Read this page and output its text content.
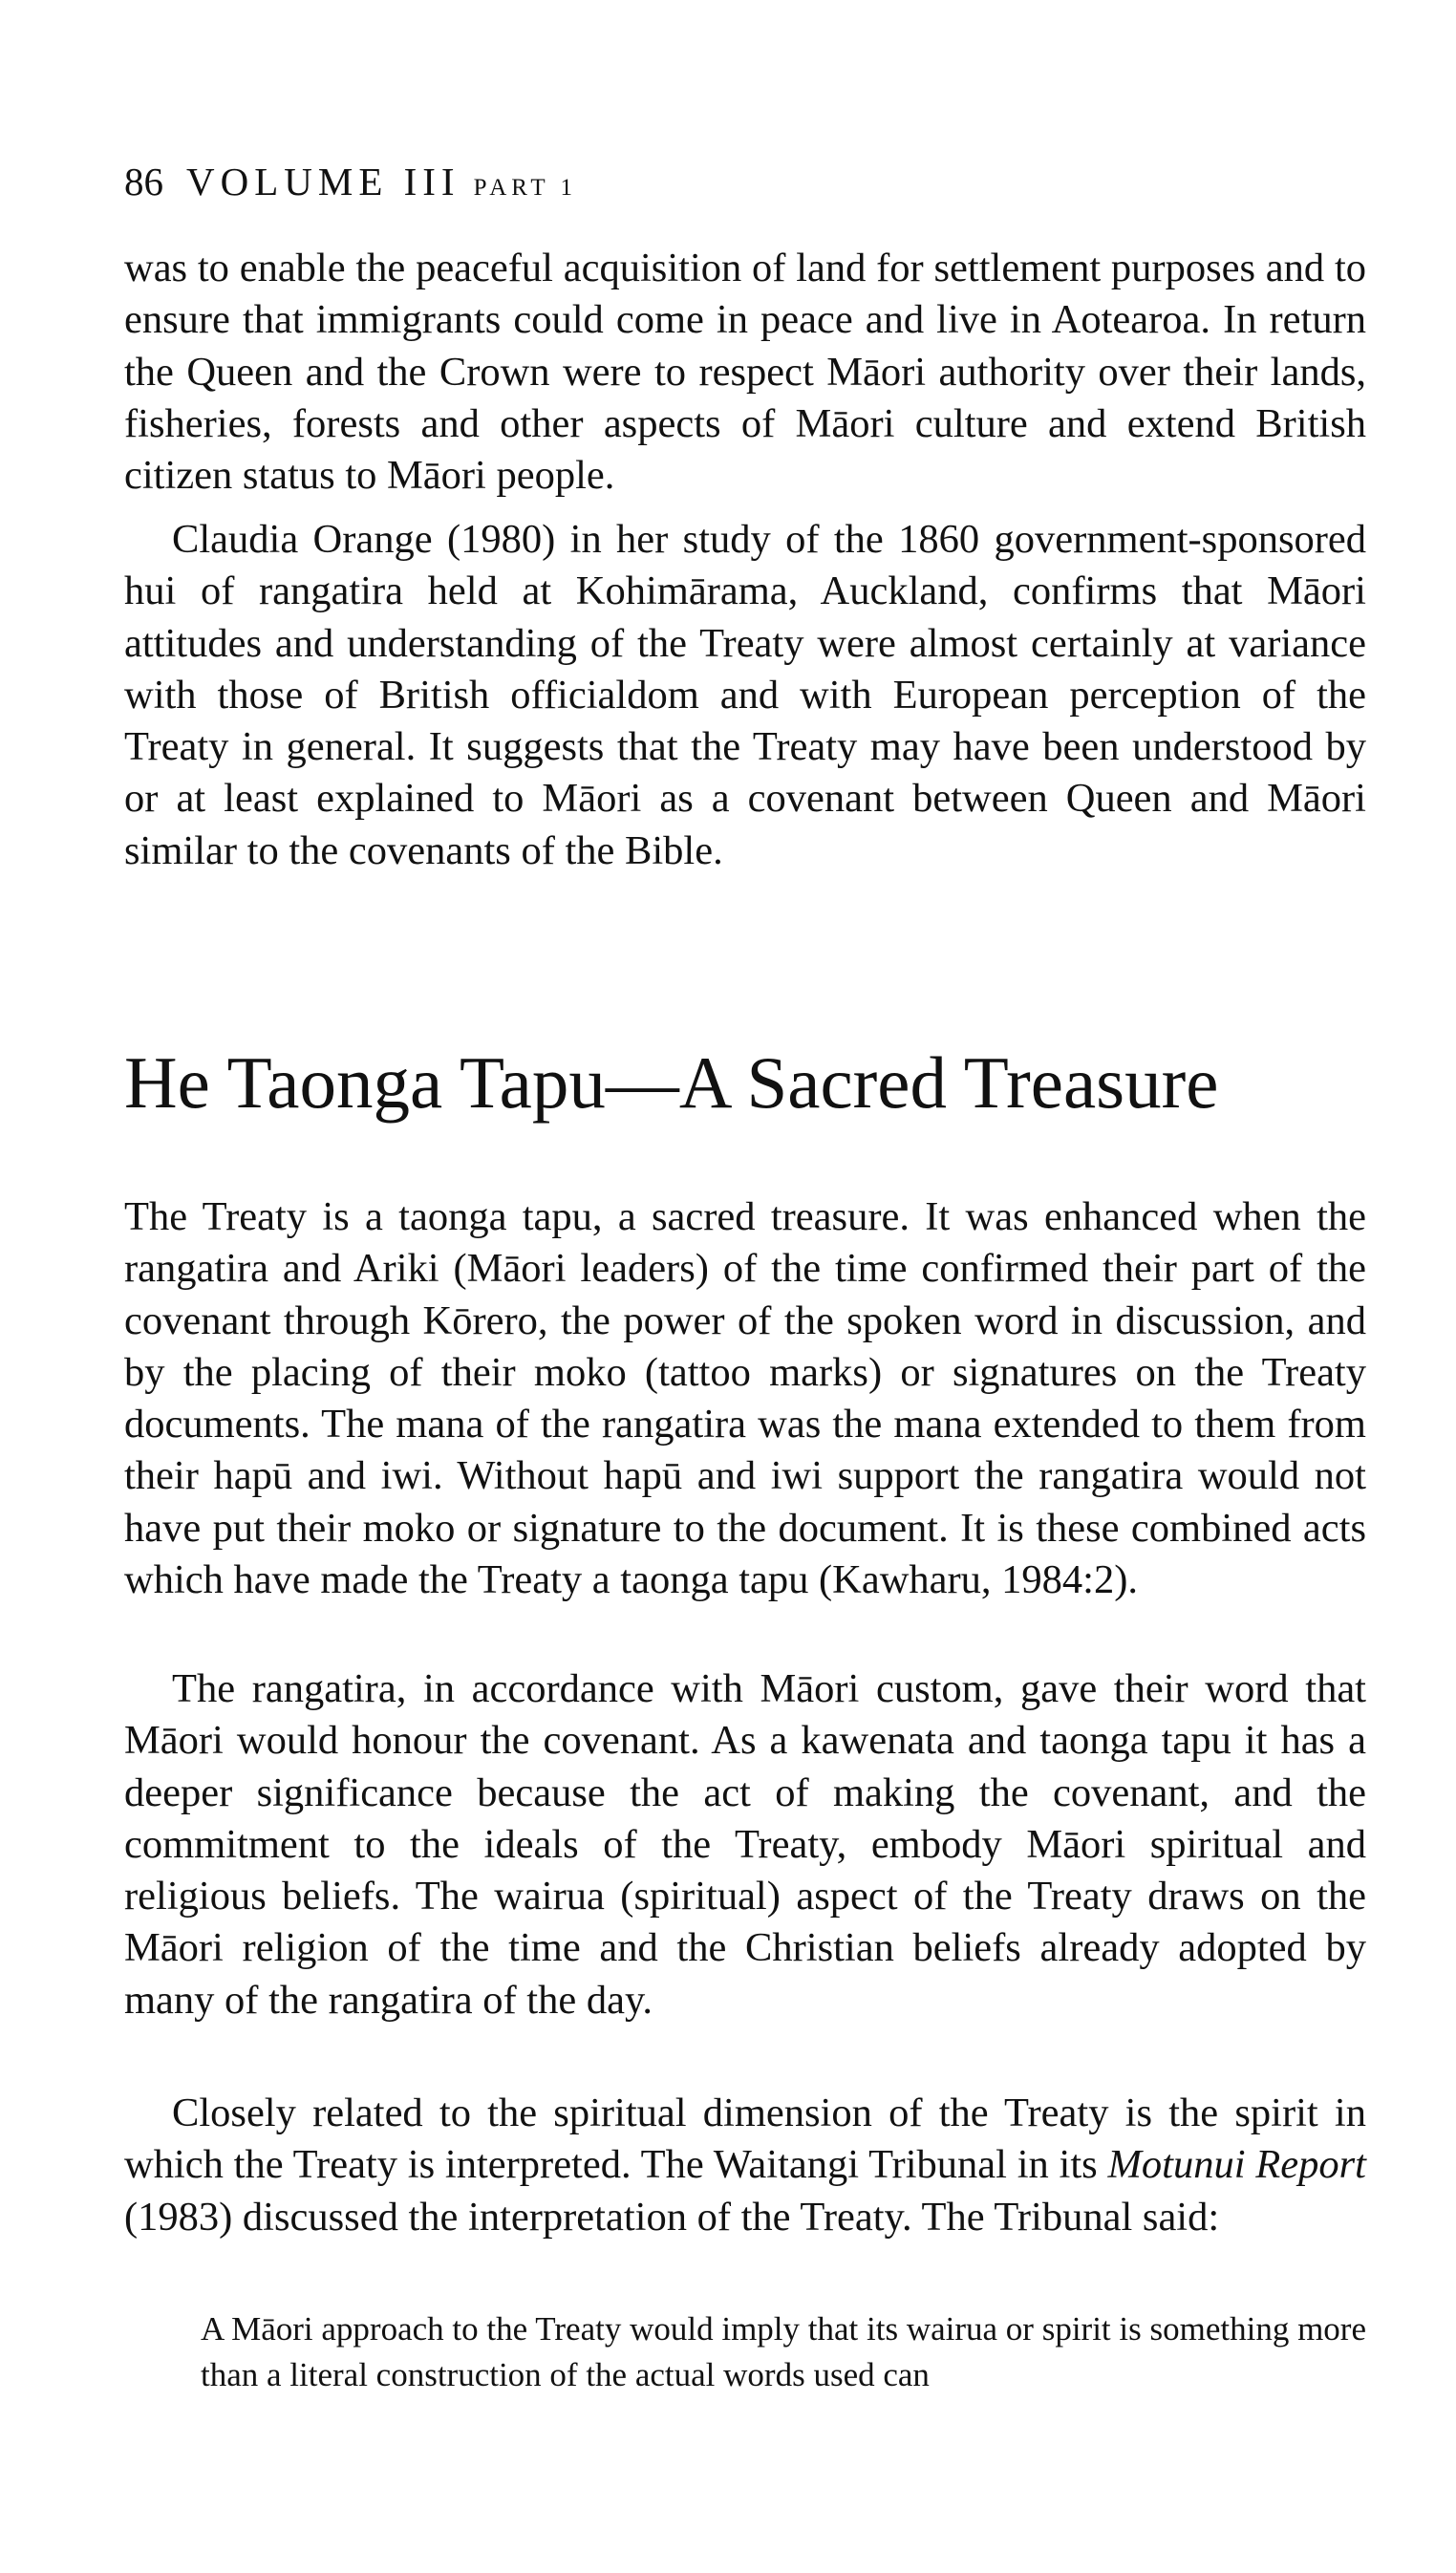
86 VOLUME III PART 1

was to enable the peaceful acquisition of land for settlement purposes and to ensure that immigrants could come in peace and live in Aotearoa. In return the Queen and the Crown were to respect Māori authority over their lands, fisheries, forests and other aspects of Māori culture and extend British citizen status to Māori people.

Claudia Orange (1980) in her study of the 1860 government-sponsored hui of rangatira held at Kohimārama, Auckland, confirms that Māori attitudes and understanding of the Treaty were almost certainly at variance with those of British officialdom and with European perception of the Treaty in general. It suggests that the Treaty may have been understood by or at least explained to Māori as a covenant between Queen and Māori similar to the covenants of the Bible.

He Taonga Tapu—A Sacred Treasure

The Treaty is a taonga tapu, a sacred treasure. It was enhanced when the rangatira and Ariki (Māori leaders) of the time confirmed their part of the covenant through Kōrero, the power of the spoken word in discussion, and by the placing of their moko (tattoo marks) or signatures on the Treaty documents. The mana of the rangatira was the mana extended to them from their hapū and iwi. Without hapū and iwi support the rangatira would not have put their moko or signature to the document. It is these combined acts which have made the Treaty a taonga tapu (Kawharu, 1984:2).

The rangatira, in accordance with Māori custom, gave their word that Māori would honour the covenant. As a kawenata and taonga tapu it has a deeper significance because the act of making the covenant, and the commitment to the ideals of the Treaty, embody Māori spiritual and religious beliefs. The wairua (spiritual) aspect of the Treaty draws on the Māori religion of the time and the Christian beliefs already adopted by many of the rangatira of the day.

Closely related to the spiritual dimension of the Treaty is the spirit in which the Treaty is interpreted. The Waitangi Tribunal in its Motunui Report (1983) discussed the interpretation of the Treaty. The Tribunal said:

A Māori approach to the Treaty would imply that its wairua or spirit is something more than a literal construction of the actual words used can
